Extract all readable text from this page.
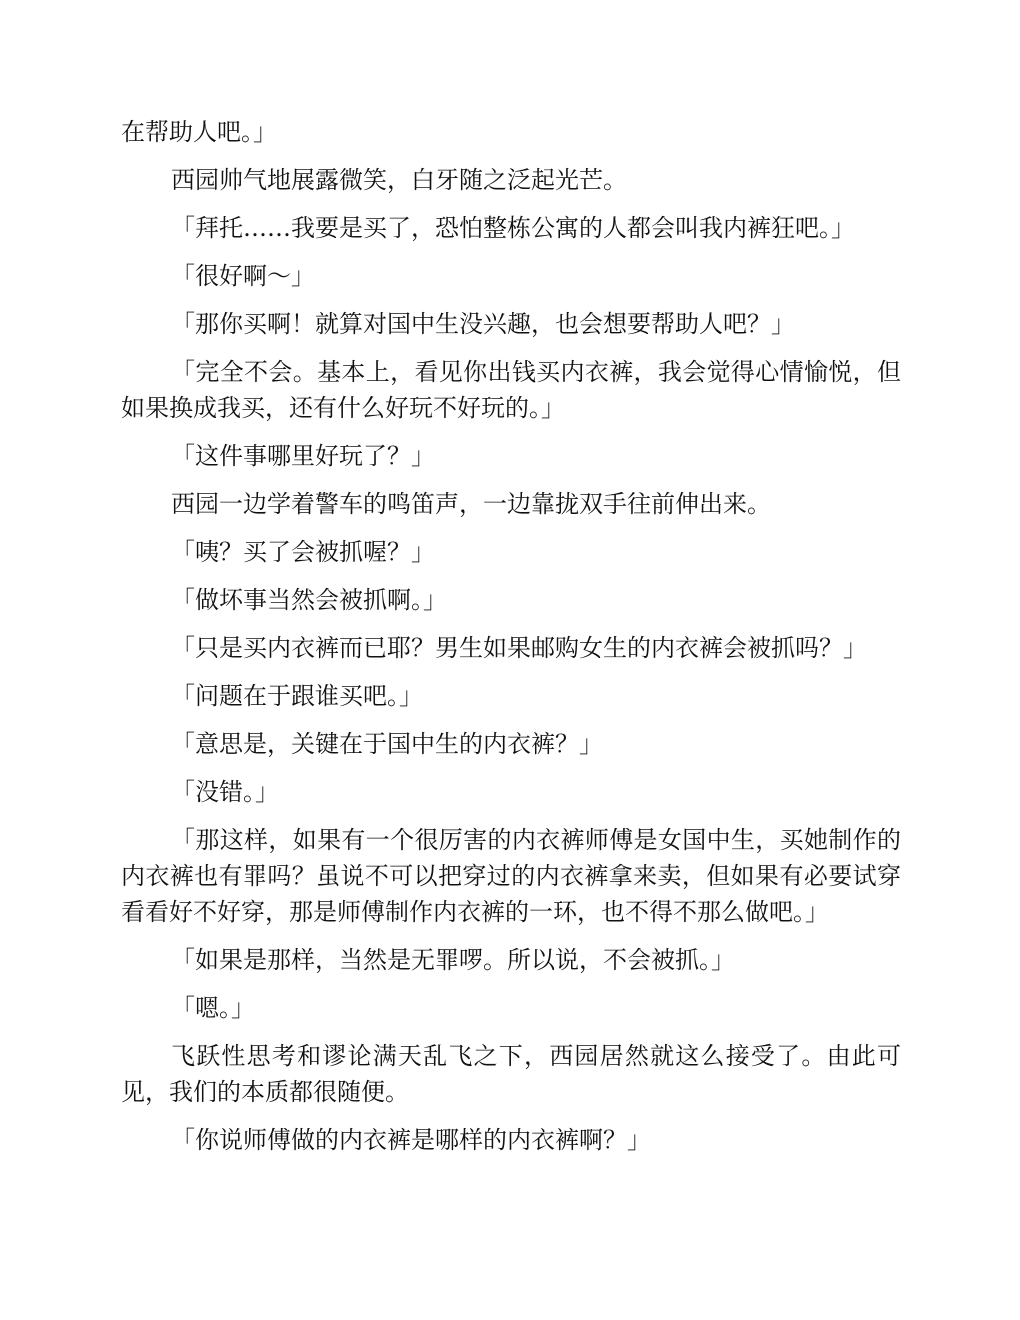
在帮助人吧。」

西园帅气地展露微笑，白牙随之泛起光芒。

「拜托……我要是买了，恐怕整栋公寓的人都会叫我内裤狂吧。」

「很好啊～」

「那你买啊！就算对国中生没兴趣，也会想要帮助人吧？」

「完全不会。基本上，看见你出钱买内衣裤，我会觉得心情愉悦，但如果换成我买，还有什么好玩不好玩的。」

「这件事哪里好玩了？」

西园一边学着警车的鸣笛声，一边靠拢双手往前伸出来。

「咦？买了会被抓喔？」

「做坏事当然会被抓啊。」

「只是买内衣裤而已耶？男生如果邮购女生的内衣裤会被抓吗？」

「问题在于跟谁买吧。」

「意思是，关键在于国中生的内衣裤？」

「没错。」

「那这样，如果有一个很厉害的内衣裤师傅是女国中生，买她制作的内衣裤也有罪吗？虽说不可以把穿过的内衣裤拿来卖，但如果有必要试穿看看好不好穿，那是师傅制作内衣裤的一环，也不得不那么做吧。」

「如果是那样，当然是无罪啰。所以说，不会被抓。」

「嗯。」

飞跃性思考和谬论满天乱飞之下，西园居然就这么接受了。由此可见，我们的本质都很随便。

「你说师傅做的内衣裤是哪样的内衣裤啊？」
